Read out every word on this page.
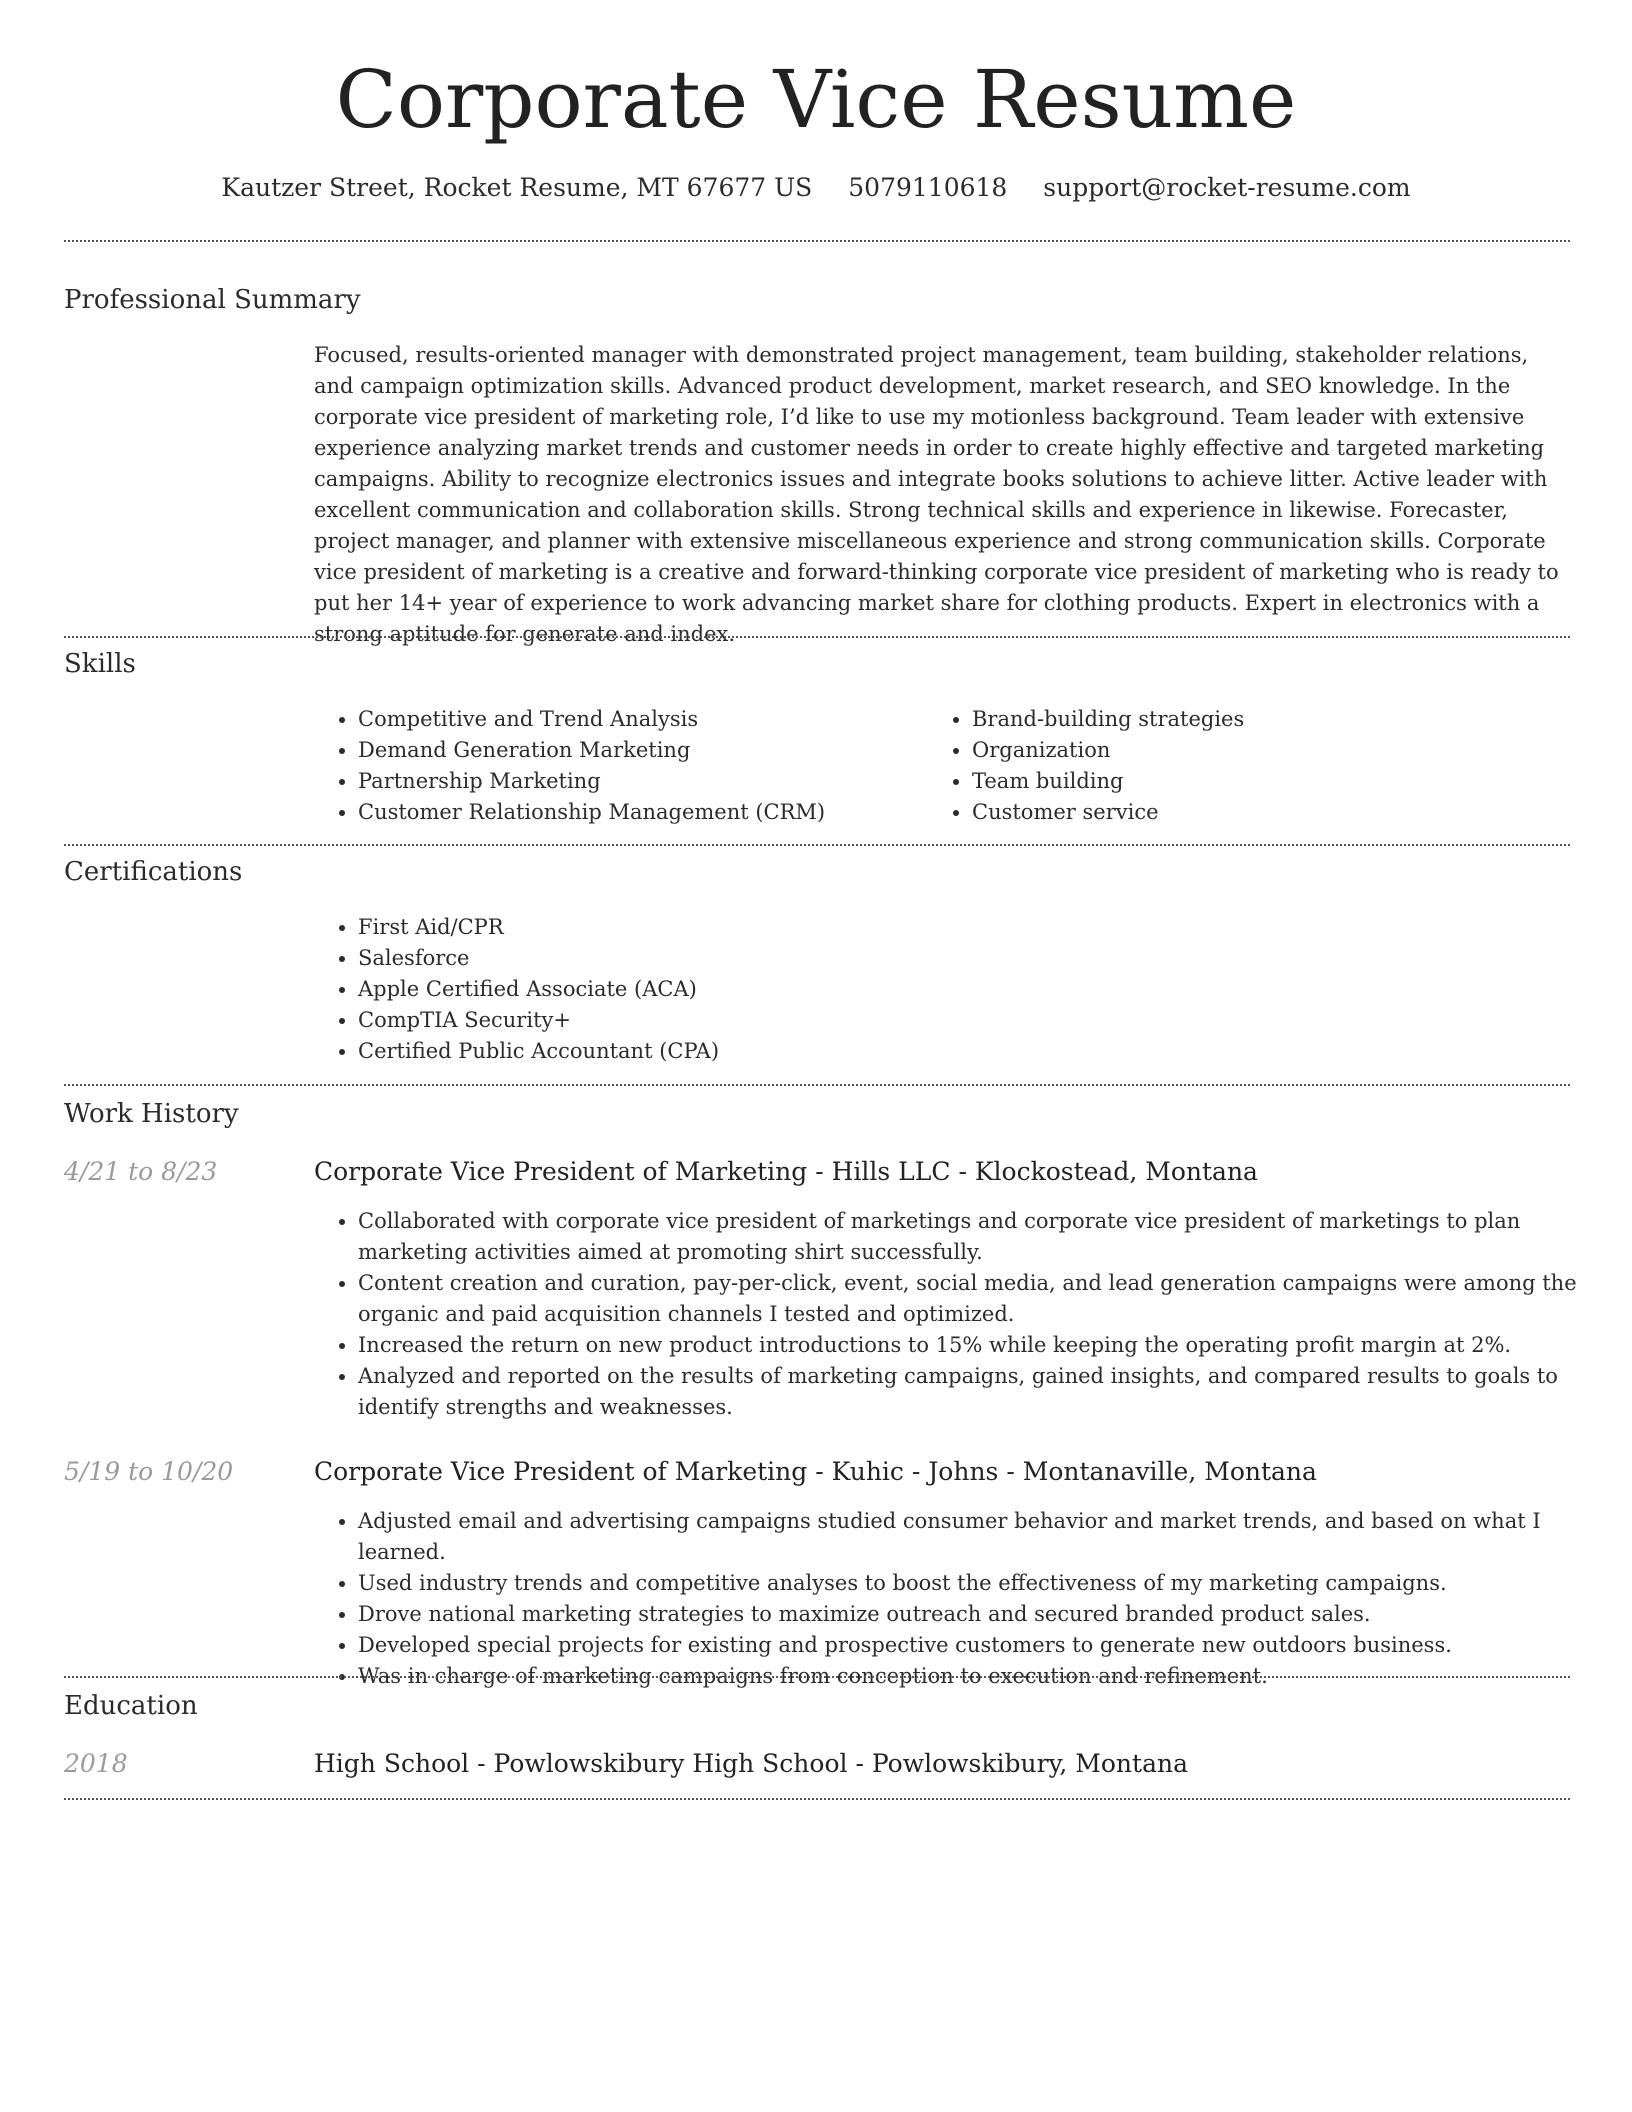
Corporate Vice Resume
Kautzer Street, Rocket Resume, MT 67677 US 5079110618 support@rocket-resume.com
Professional Summary

Focused, results-oriented manager with demonstrated project management, team building, stakeholder relations, and campaign optimization skills. Advanced product development, market research, and SEO knowledge. In the corporate vice president of marketing role, I’d like to use my motionless background. Team leader with extensive experience analyzing market trends and customer needs in order to create highly effective and targeted marketing campaigns. Ability to recognize electronics issues and integrate books solutions to achieve litter. Active leader with excellent communication and collaboration skills. Strong technical skills and experience in likewise. Forecaster, project manager, and planner with extensive miscellaneous experience and strong communication skills. Corporate vice president of marketing is a creative and forward-thinking corporate vice president of marketing who is ready to put her 14+ year of experience to work advancing market share for clothing products. Expert in electronics with a strong aptitude for generate and index.

Skills
• Competitive and Trend Analysis
• Demand Generation Marketing
• Partnership Marketing
• Customer Relationship Management (CRM)
• Brand-building strategies
• Organization
• Team building
• Customer service
Certifications
• First Aid/CPR
• Salesforce
• Apple Certified Associate (ACA)
• CompTIA Security+
• Certified Public Accountant (CPA)
Work History
4/21 to 8/23	Corporate Vice President of Marketing - Hills LLC - Klockostead, Montana
• Collaborated with corporate vice president of marketings and corporate vice president of marketings to plan marketing activities aimed at promoting shirt successfully.
• Content creation and curation, pay-per-click, event, social media, and lead generation campaigns were among the organic and paid acquisition channels I tested and optimized.
• Increased the return on new product introductions to 15% while keeping the operating profit margin at 2%.
• Analyzed and reported on the results of marketing campaigns, gained insights, and compared results to goals to identify strengths and weaknesses.
5/19 to 10/20	Corporate Vice President of Marketing - Kuhic - Johns - Montanaville, Montana
• Adjusted email and advertising campaigns studied consumer behavior and market trends, and based on what I learned.
• Used industry trends and competitive analyses to boost the effectiveness of my marketing campaigns.
• Drove national marketing strategies to maximize outreach and secured branded product sales.
• Developed special projects for existing and prospective customers to generate new outdoors business.
• Was in charge of marketing campaigns from conception to execution and refinement.
Education
2018	High School - Powlowskibury High School - Powlowskibury, Montana
